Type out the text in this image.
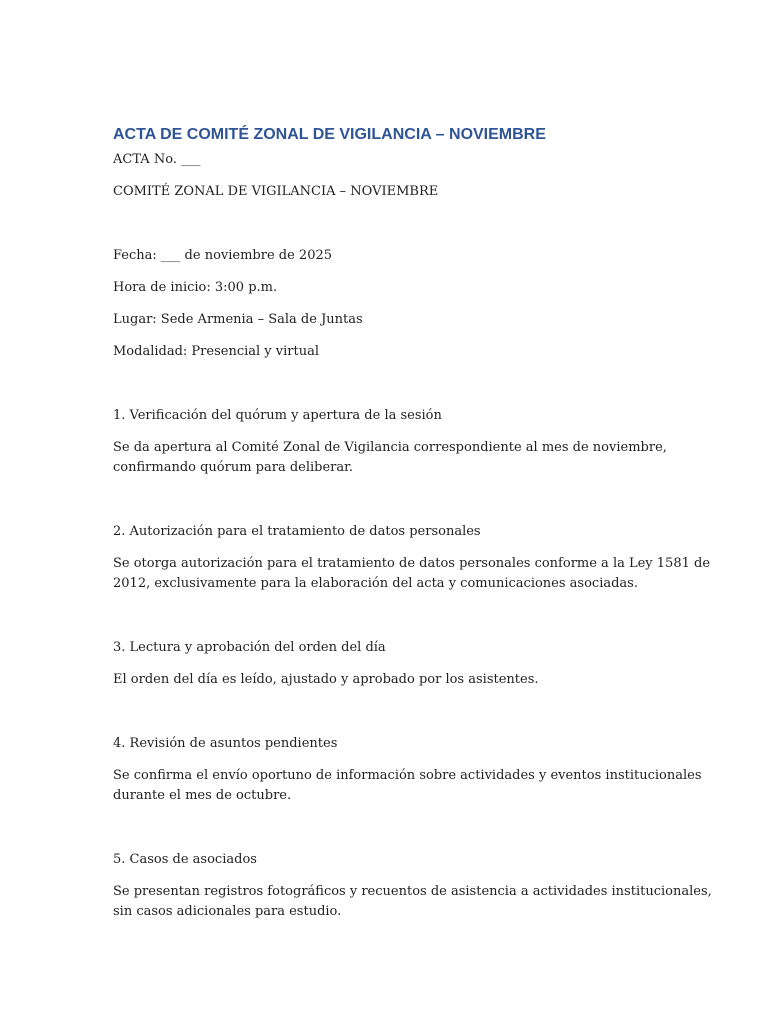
ACTA DE COMITÉ ZONAL DE VIGILANCIA – NOVIEMBRE

ACTA No. ___

COMITÉ ZONAL DE VIGILANCIA – NOVIEMBRE

Fecha: ___ de noviembre de 2025

Hora de inicio: 3:00 p.m.

Lugar: Sede Armenia – Sala de Juntas

Modalidad: Presencial y virtual

1. Verificación del quórum y apertura de la sesión

Se da apertura al Comité Zonal de Vigilancia correspondiente al mes de noviembre,

confirmando quórum para deliberar.

2. Autorización para el tratamiento de datos personales

Se otorga autorización para el tratamiento de datos personales conforme a la Ley 1581 de

2012, exclusivamente para la elaboración del acta y comunicaciones asociadas.

3. Lectura y aprobación del orden del día

El orden del día es leído, ajustado y aprobado por los asistentes.

4. Revisión de asuntos pendientes

Se confirma el envío oportuno de información sobre actividades y eventos institucionales

durante el mes de octubre.

5. Casos de asociados

Se presentan registros fotográficos y recuentos de asistencia a actividades institucionales,

sin casos adicionales para estudio.
